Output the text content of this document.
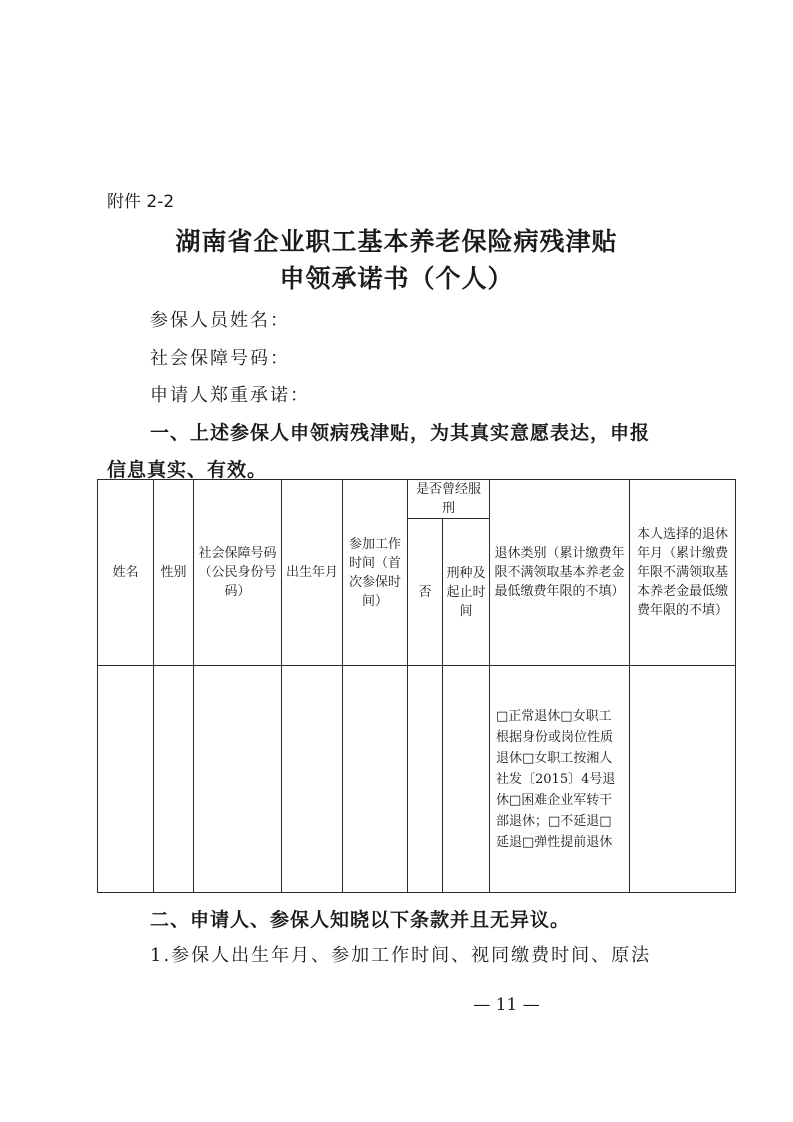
附件 2-2
湖南省企业职工基本养老保险病残津贴
申领承诺书（个人）
参保人员姓名：
社会保障号码：
申请人郑重承诺：
一、上述参保人申领病残津贴，为其真实意愿表达，申报
信息真实、有效。
姓名	性别	社会保障号码（公民身份号码）	出生年月	参加工作时间（首次参保时间）	是否曾经服刑		退休类别（累计缴费年限不满领取基本养老金最低缴费年限的不填）	本人选择的退休年月（累计缴费年限不满领取基本养老金最低缴费年限的不填）
					否	刑种及起止时间		
							□正常退休□女职工根据身份或岗位性质退休□女职工按湘人社发〔2015〕4号退休□困难企业军转干部退休；□不延退□延退□弹性提前退休	
二、申请人、参保人知晓以下条款并且无异议。
1.参保人出生年月、参加工作时间、视同缴费时间、原法
— 11 —
